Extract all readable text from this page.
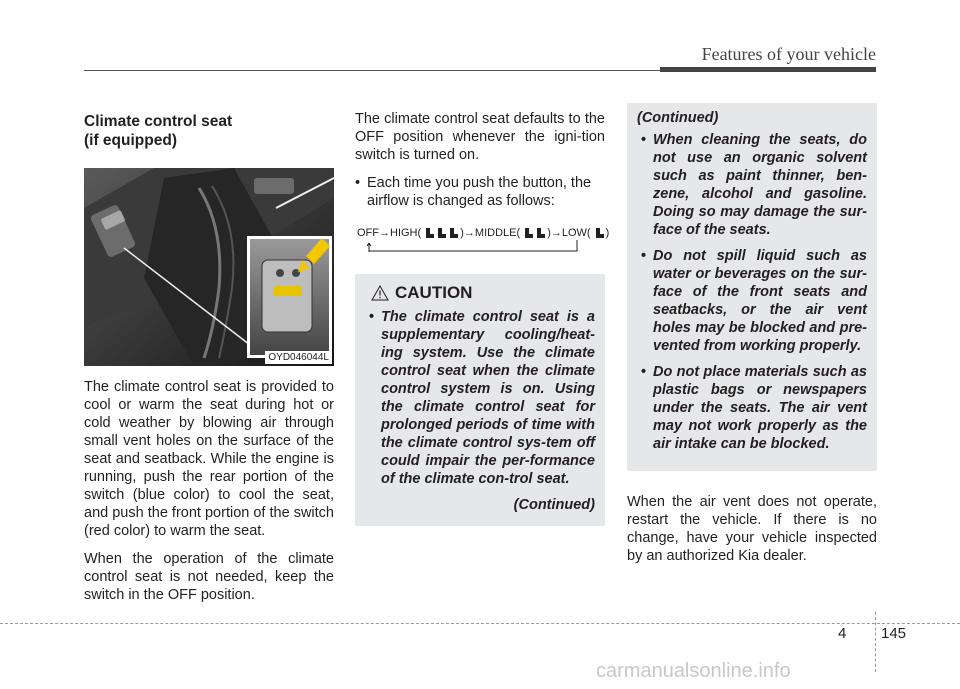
Features of your vehicle
Climate control seat
(if equipped)
OYD046044L

The climate control seat is provided to cool or warm the seat during hot or cold weather by blowing air through small vent holes on the surface of the seat and seatback. While the engine is running, push the rear portion of the switch (blue color) to cool the seat, and push the front portion of the switch (red color) to warm the seat.

When the operation of the climate control seat is not needed, keep the switch in the OFF position.

The climate control seat defaults to the OFF position whenever the igni-tion switch is turned on.

• Each time you push the button, the airflow is changed as follows:
OFF→HIGH(	)→MIDDLE( )→LOW( )
CAUTION
• The climate control seat is a supplementary cooling/heat-ing system. Use the climate control seat when the climate control system is on. Using the climate control seat for prolonged periods of time with the climate control sys-tem off could impair the per-formance of the climate con-trol seat.
(Continued)
(Continued)
• When cleaning the seats, do not use an organic solvent such as paint thinner, ben-zene, alcohol and gasoline. Doing so may damage the sur-face of the seats.
• Do not spill liquid such as water or beverages on the sur-face of the front seats and seatbacks, or the air vent holes may be blocked and pre-vented from working properly.
• Do not place materials such as plastic bags or newspapers under the seats. The air vent may not work properly as the air intake can be blocked.

When the air vent does not operate, restart the vehicle. If there is no change, have your vehicle inspected by an authorized Kia dealer.

4 145
carmanualsonline.info
